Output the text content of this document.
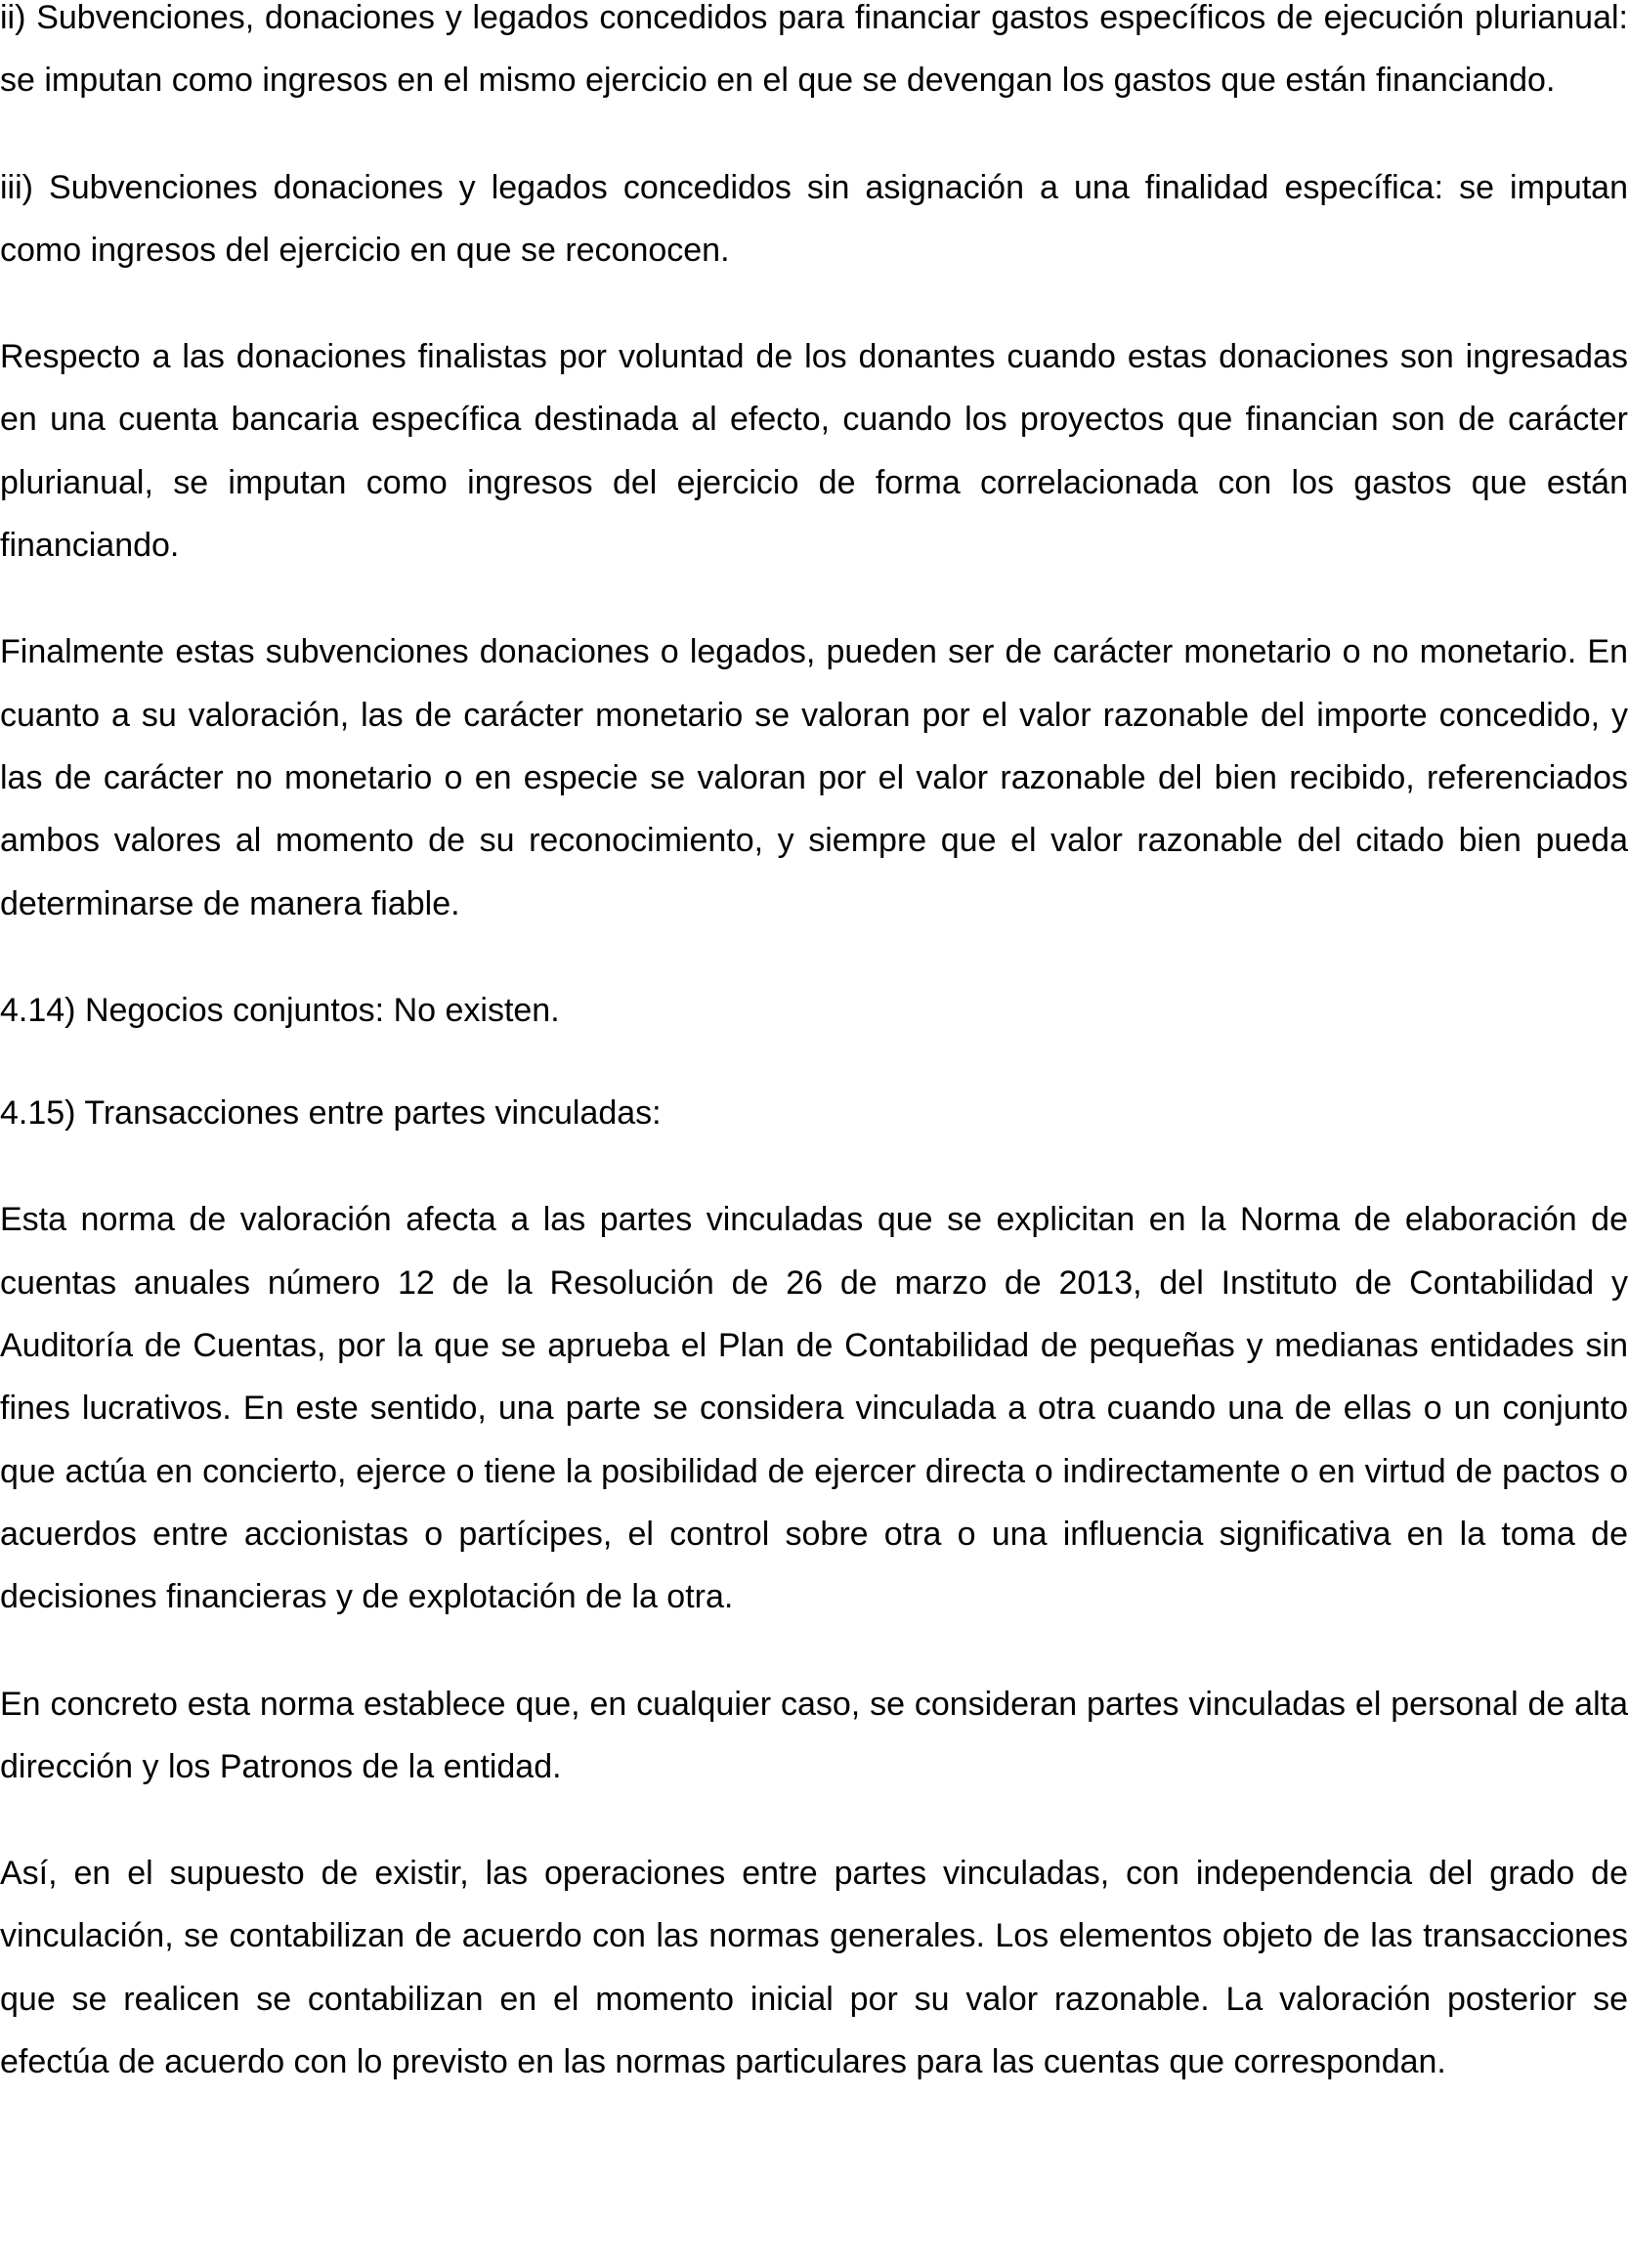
ii) Subvenciones, donaciones y legados concedidos para financiar gastos específicos de ejecución plurianual: se imputan como ingresos en el mismo ejercicio en el que se devengan los gastos que están financiando.

iii) Subvenciones donaciones y legados concedidos sin asignación a una finalidad específica: se imputan como ingresos del ejercicio en que se reconocen.

Respecto a las donaciones finalistas por voluntad de los donantes cuando estas donaciones son ingresadas en una cuenta bancaria específica destinada al efecto, cuando los proyectos que financian son de carácter plurianual, se imputan como ingresos del ejercicio de forma correlacionada con los gastos que están financiando.

Finalmente estas subvenciones donaciones o legados, pueden ser de carácter monetario o no monetario. En cuanto a su valoración, las de carácter monetario se valoran por el valor razonable del importe concedido, y las de carácter no monetario o en especie se valoran por el valor razonable del bien recibido, referenciados ambos valores al momento de su reconocimiento, y siempre que el valor razonable del citado bien pueda determinarse de manera fiable.

4.14) Negocios conjuntos: No existen.

4.15) Transacciones entre partes vinculadas:

Esta norma de valoración afecta a las partes vinculadas que se explicitan en la Norma de elaboración de cuentas anuales número 12 de la Resolución de 26 de marzo de 2013, del Instituto de Contabilidad y Auditoría de Cuentas, por la que se aprueba el Plan de Contabilidad de pequeñas y medianas entidades sin fines lucrativos. En este sentido, una parte se considera vinculada a otra cuando una de ellas o un conjunto que actúa en concierto, ejerce o tiene la posibilidad de ejercer directa o indirectamente o en virtud de pactos o acuerdos entre accionistas o partícipes, el control sobre otra o una influencia significativa en la toma de decisiones financieras y de explotación de la otra.

En concreto esta norma establece que, en cualquier caso, se consideran partes vinculadas el personal de alta dirección y los Patronos de la entidad.

Así, en el supuesto de existir, las operaciones entre partes vinculadas, con independencia del grado de vinculación, se contabilizan de acuerdo con las normas generales. Los elementos objeto de las transacciones que se realicen se contabilizan en el momento inicial por su valor razonable. La valoración posterior se efectúa de acuerdo con lo previsto en las normas particulares para las cuentas que correspondan.
